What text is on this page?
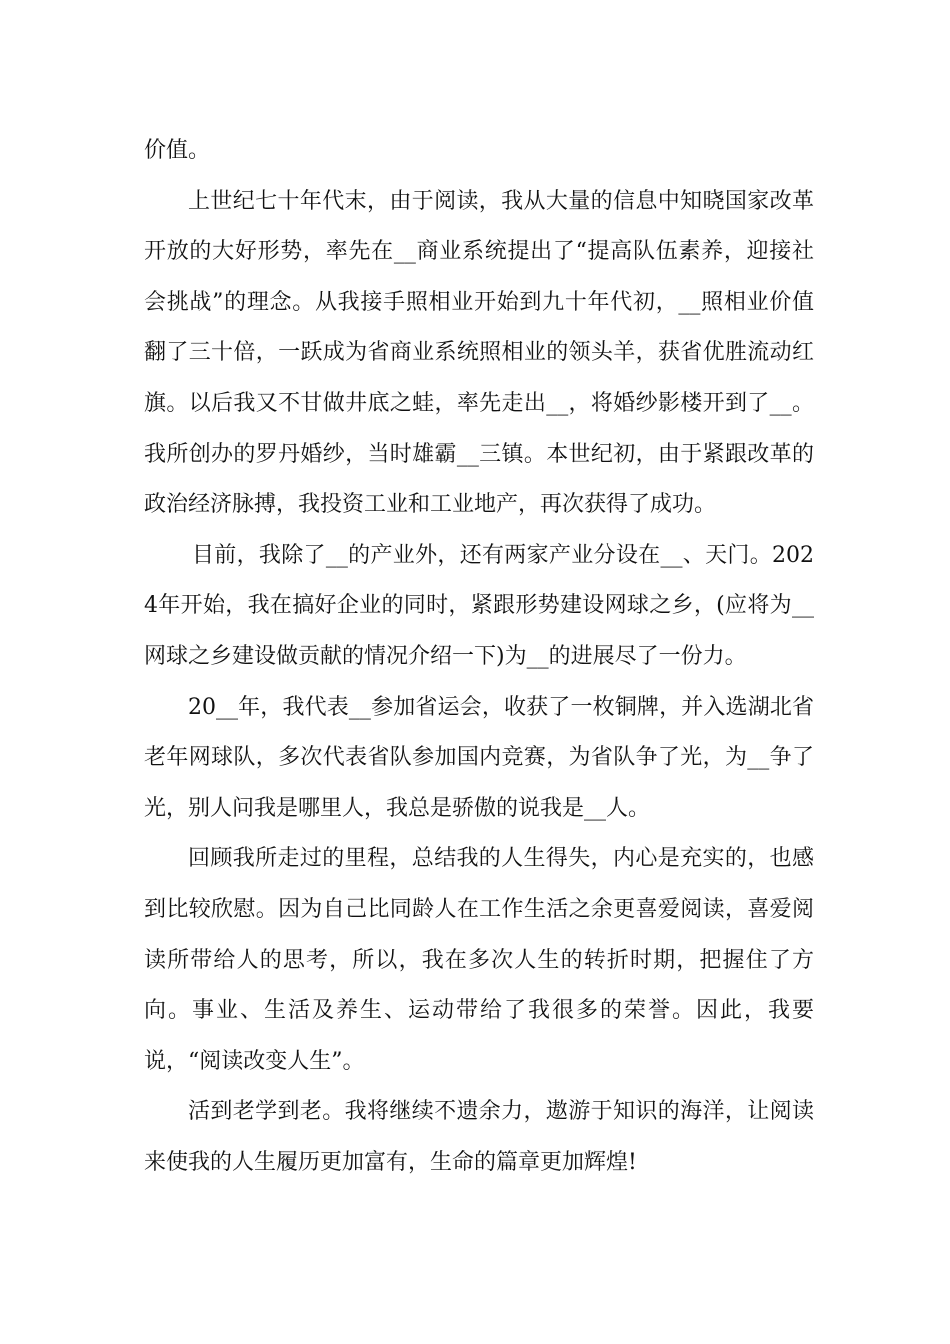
价值。

上世纪七十年代末，由于阅读，我从大量的信息中知晓国家改革开放的大好形势，率先在__商业系统提出了“提高队伍素养，迎接社会挑战”的理念。从我接手照相业开始到九十年代初，__照相业价值翻了三十倍，一跃成为省商业系统照相业的领头羊，获省优胜流动红旗。以后我又不甘做井底之蛙，率先走出__，将婚纱影楼开到了__。我所创办的罗丹婚纱，当时雄霸__三镇。本世纪初，由于紧跟改革的政治经济脉搏，我投资工业和工业地产，再次获得了成功。

目前，我除了__的产业外，还有两家产业分设在__、天门。2024年开始，我在搞好企业的同时，紧跟形势建设网球之乡，(应将为__网球之乡建设做贡献的情况介绍一下)为__的进展尽了一份力。

20__年，我代表__参加省运会，收获了一枚铜牌，并入选湖北省老年网球队，多次代表省队参加国内竞赛，为省队争了光，为__争了光，别人问我是哪里人，我总是骄傲的说我是__人。

回顾我所走过的里程，总结我的人生得失，内心是充实的，也感到比较欣慰。因为自己比同龄人在工作生活之余更喜爱阅读，喜爱阅读所带给人的思考，所以，我在多次人生的转折时期，把握住了方向。事业、生活及养生、运动带给了我很多的荣誉。因此，我要说，“阅读改变人生”。

活到老学到老。我将继续不遗余力，遨游于知识的海洋，让阅读来使我的人生履历更加富有，生命的篇章更加辉煌!
